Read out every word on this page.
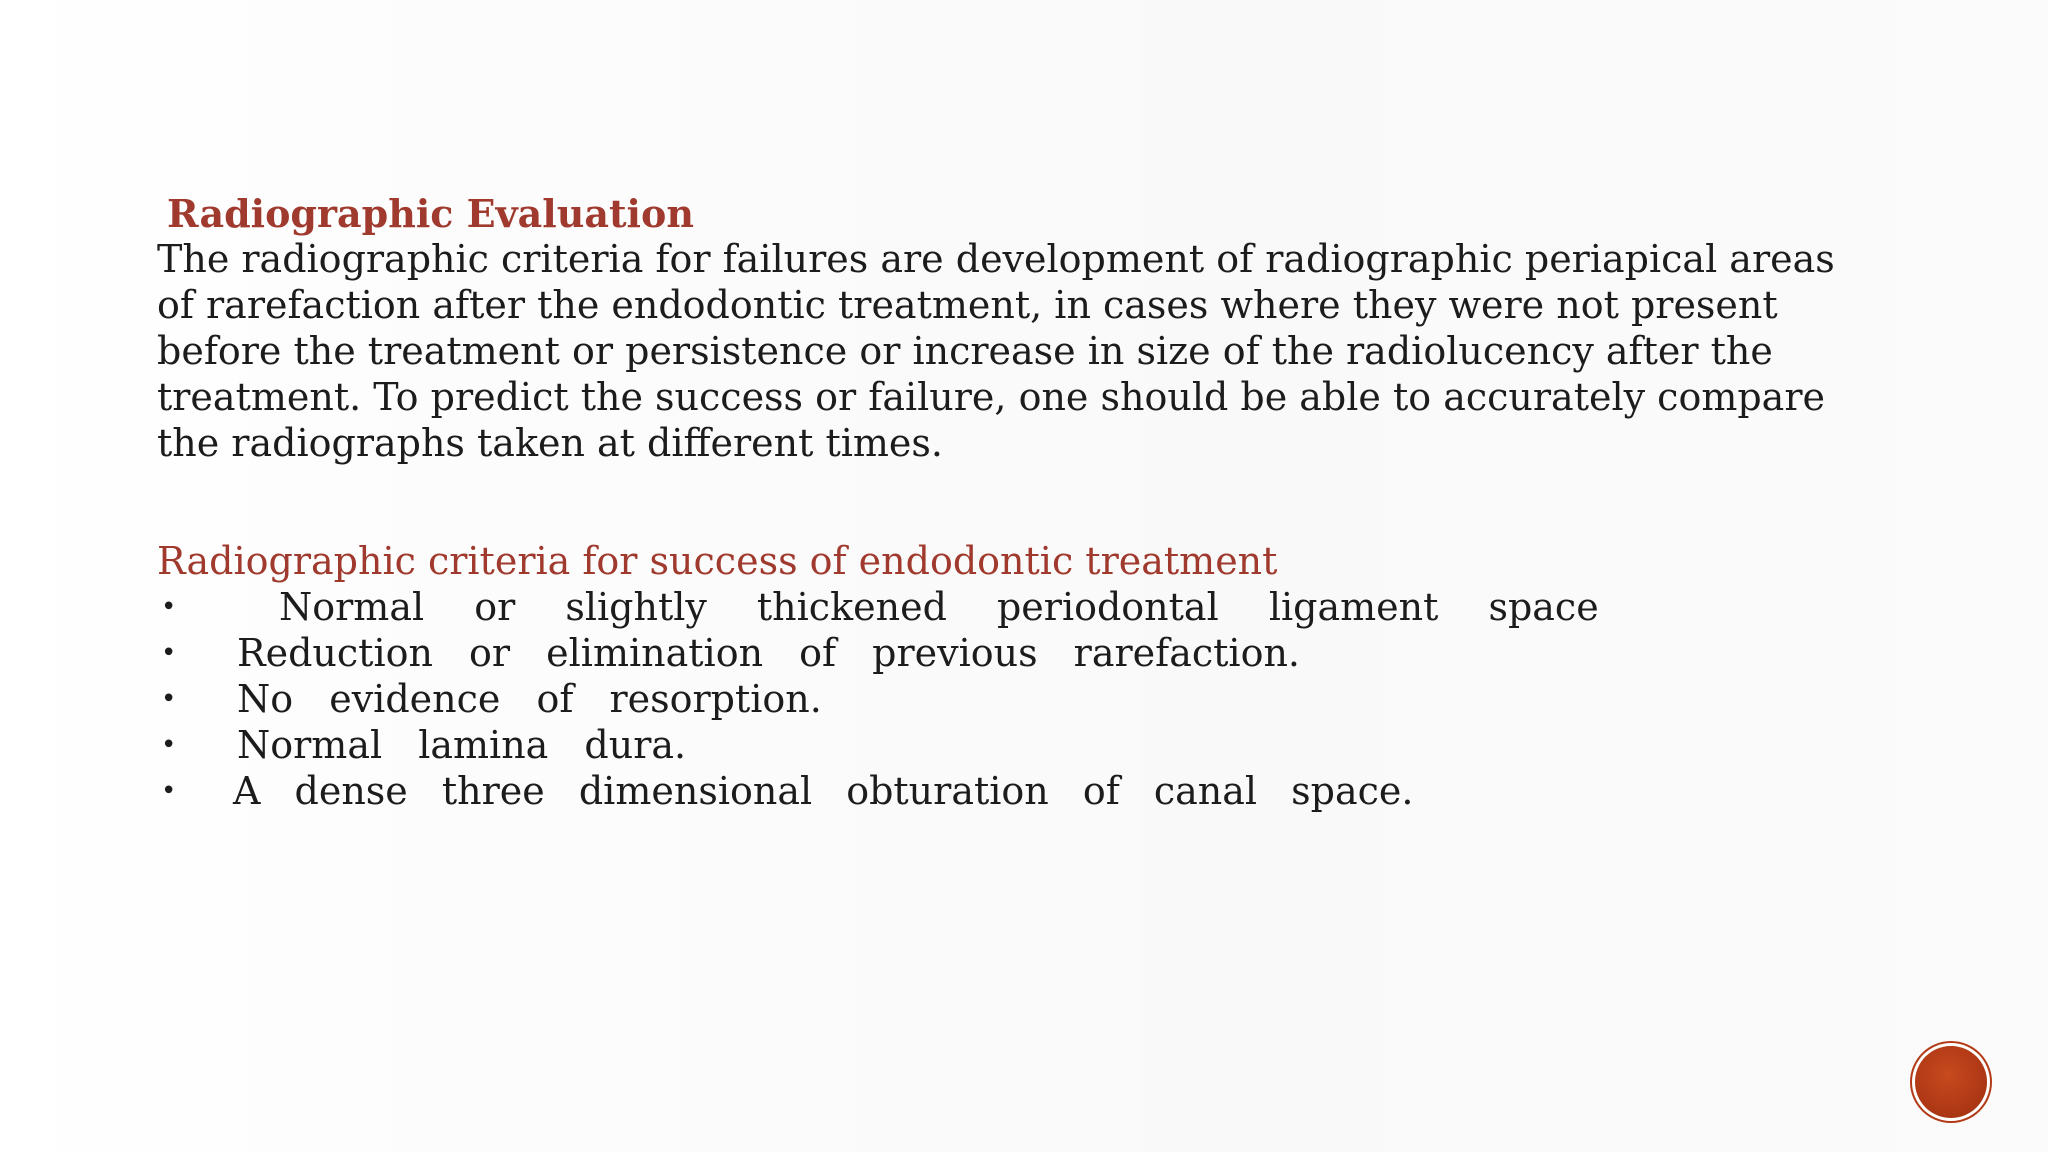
Radiographic Evaluation

The radiographic criteria for failures are development of radiographic periapical areas
of rarefaction after the endodontic treatment, in cases where they were not present
before the treatment or persistence or increase in size of the radiolucency after the
treatment. To predict the success or failure, one should be able to accurately compare
the radiographs taken at different times.

Radiographic criteria for success of endodontic treatment
•	Normal or slightly thickened periodontal ligament space
• Reduction or elimination of previous rarefaction.
• No evidence of resorption.
• Normal lamina dura.
• A dense three dimensional obturation of canal space.
